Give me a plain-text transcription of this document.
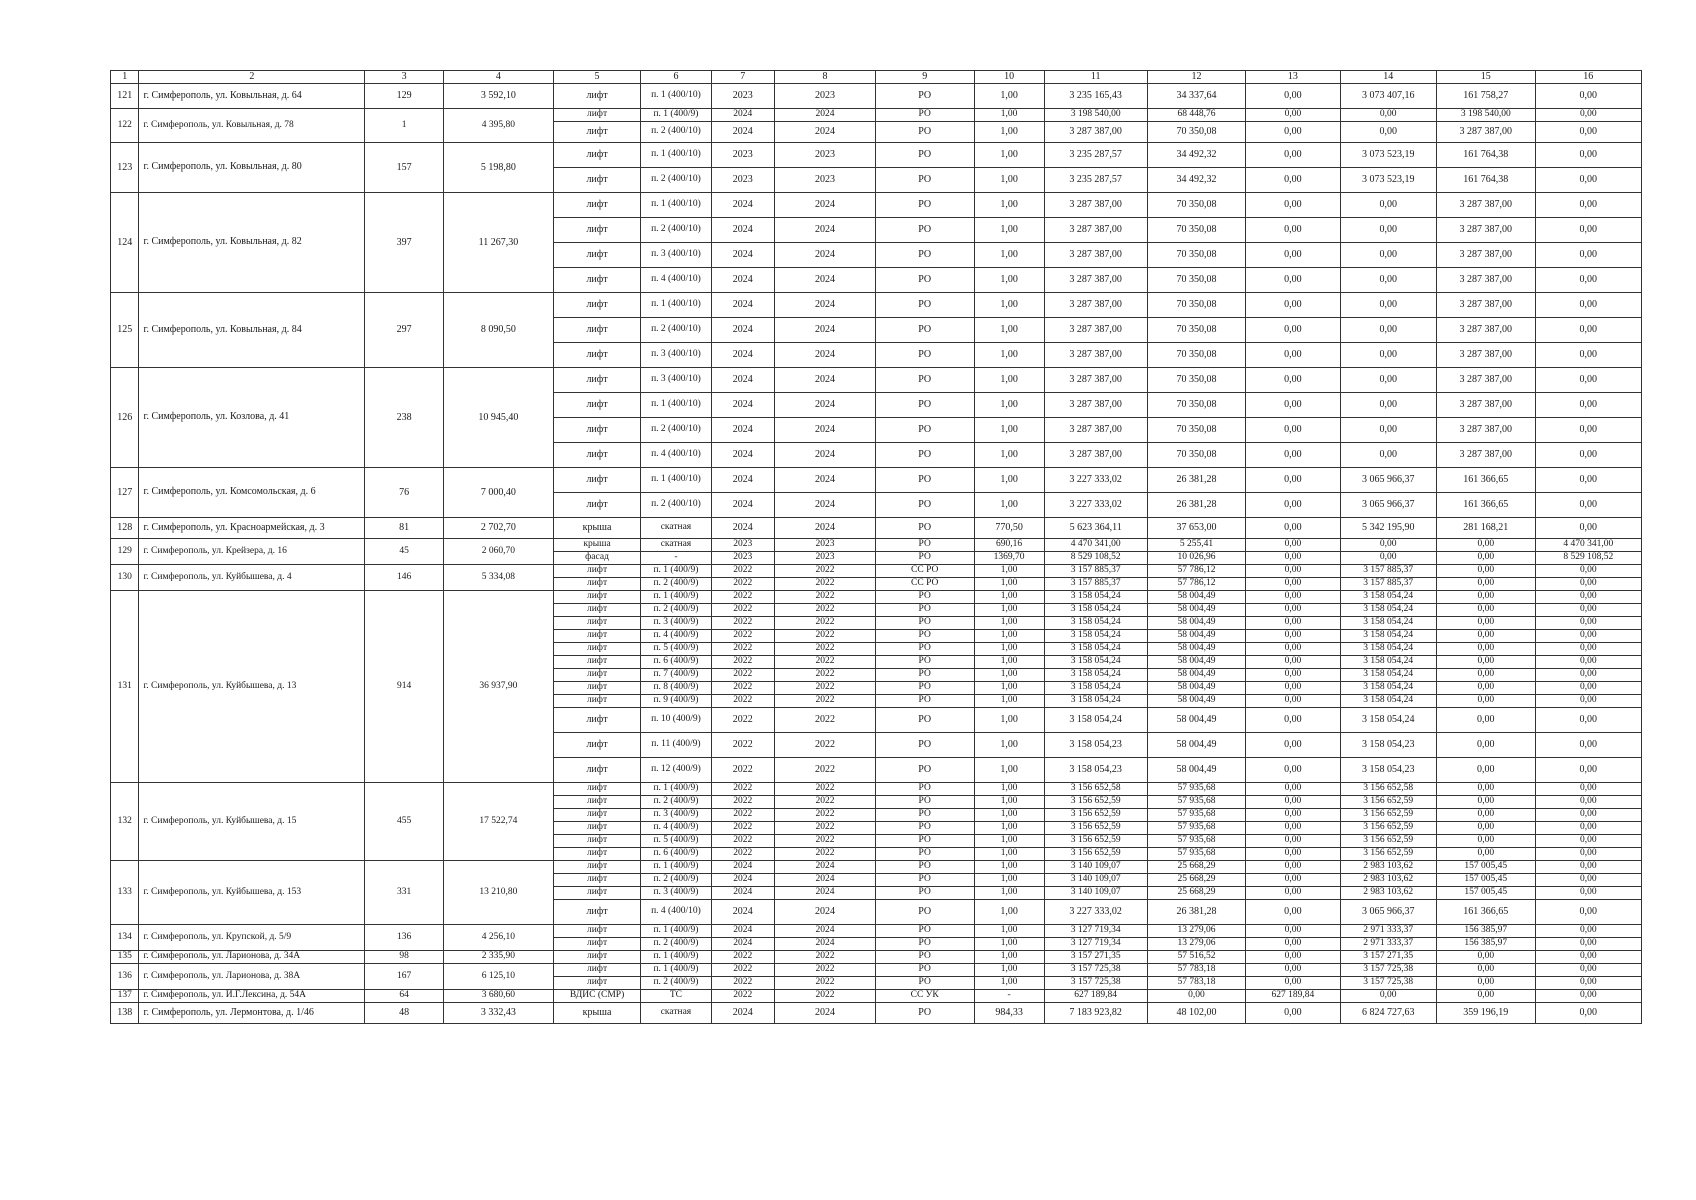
1	2	3	4	5	6	7	8	9	10	11	12	13	14	15	16
121	г. Симферополь, ул. Ковыльная, д. 64	129	3 592,10	лифт	п. 1 (400/10)	2023	2023	РО	1,00	3 235 165,43	34 337,64	0,00	3 073 407,16	161 758,27	0,00
122	г. Симферополь, ул. Ковыльная, д. 78	1	4 395,80	лифт	п. 1 (400/9)	2024	2024	РО	1,00	3 198 540,00	68 448,76	0,00	0,00	3 198 540,00	0,00
				лифт	п. 2 (400/10)	2024	2024	РО	1,00	3 287 387,00	70 350,08	0,00	0,00	3 287 387,00	0,00
123	г. Симферополь, ул. Ковыльная, д. 80	157	5 198,80	лифт	п. 1 (400/10)	2023	2023	РО	1,00	3 235 287,57	34 492,32	0,00	3 073 523,19	161 764,38	0,00
				лифт	п. 2 (400/10)	2023	2023	РО	1,00	3 235 287,57	34 492,32	0,00	3 073 523,19	161 764,38	0,00
124	г. Симферополь, ул. Ковыльная, д. 82	397	11 267,30	лифт	п. 1 (400/10)	2024	2024	РО	1,00	3 287 387,00	70 350,08	0,00	0,00	3 287 387,00	0,00
				лифт	п. 2 (400/10)	2024	2024	РО	1,00	3 287 387,00	70 350,08	0,00	0,00	3 287 387,00	0,00
				лифт	п. 3 (400/10)	2024	2024	РО	1,00	3 287 387,00	70 350,08	0,00	0,00	3 287 387,00	0,00
				лифт	п. 4 (400/10)	2024	2024	РО	1,00	3 287 387,00	70 350,08	0,00	0,00	3 287 387,00	0,00
125	г. Симферополь, ул. Ковыльная, д. 84	297	8 090,50	лифт	п. 1 (400/10)	2024	2024	РО	1,00	3 287 387,00	70 350,08	0,00	0,00	3 287 387,00	0,00
				лифт	п. 2 (400/10)	2024	2024	РО	1,00	3 287 387,00	70 350,08	0,00	0,00	3 287 387,00	0,00
				лифт	п. 3 (400/10)	2024	2024	РО	1,00	3 287 387,00	70 350,08	0,00	0,00	3 287 387,00	0,00
126	г. Симферополь, ул. Козлова, д. 41	238	10 945,40	лифт	п. 3 (400/10)	2024	2024	РО	1,00	3 287 387,00	70 350,08	0,00	0,00	3 287 387,00	0,00
				лифт	п. 1 (400/10)	2024	2024	РО	1,00	3 287 387,00	70 350,08	0,00	0,00	3 287 387,00	0,00
				лифт	п. 2 (400/10)	2024	2024	РО	1,00	3 287 387,00	70 350,08	0,00	0,00	3 287 387,00	0,00
				лифт	п. 4 (400/10)	2024	2024	РО	1,00	3 287 387,00	70 350,08	0,00	0,00	3 287 387,00	0,00
127	г. Симферополь, ул. Комсомольская, д. 6	76	7 000,40	лифт	п. 1 (400/10)	2024	2024	РО	1,00	3 227 333,02	26 381,28	0,00	3 065 966,37	161 366,65	0,00
				лифт	п. 2 (400/10)	2024	2024	РО	1,00	3 227 333,02	26 381,28	0,00	3 065 966,37	161 366,65	0,00
128	г. Симферополь, ул. Красноармейская, д. 3	81	2 702,70	крыша	скатная	2024	2024	РО	770,50	5 623 364,11	37 653,00	0,00	5 342 195,90	281 168,21	0,00
129	г. Симферополь, ул. Крейзера, д. 16	45	2 060,70	крыша	скатная	2023	2023	РО	690,16	4 470 341,00	5 255,41	0,00	0,00	0,00	4 470 341,00
				фасад	-	2023	2023	РО	1369,70	8 529 108,52	10 026,96	0,00	0,00	0,00	8 529 108,52
130	г. Симферополь, ул. Куйбышева, д. 4	146	5 334,08	лифт	п. 1 (400/9)	2022	2022	СС РО	1,00	3 157 885,37	57 786,12	0,00	3 157 885,37	0,00	0,00
				лифт	п. 2 (400/9)	2022	2022	СС РО	1,00	3 157 885,37	57 786,12	0,00	3 157 885,37	0,00	0,00
131	г. Симферополь, ул. Куйбышева, д. 13	914	36 937,90	лифт	п. 1 (400/9)	2022	2022	РО	1,00	3 158 054,24	58 004,49	0,00	3 158 054,24	0,00	0,00
				лифт	п. 2 (400/9)	2022	2022	РО	1,00	3 158 054,24	58 004,49	0,00	3 158 054,24	0,00	0,00
				лифт	п. 3 (400/9)	2022	2022	РО	1,00	3 158 054,24	58 004,49	0,00	3 158 054,24	0,00	0,00
				лифт	п. 4 (400/9)	2022	2022	РО	1,00	3 158 054,24	58 004,49	0,00	3 158 054,24	0,00	0,00
				лифт	п. 5 (400/9)	2022	2022	РО	1,00	3 158 054,24	58 004,49	0,00	3 158 054,24	0,00	0,00
				лифт	п. 6 (400/9)	2022	2022	РО	1,00	3 158 054,24	58 004,49	0,00	3 158 054,24	0,00	0,00
				лифт	п. 7 (400/9)	2022	2022	РО	1,00	3 158 054,24	58 004,49	0,00	3 158 054,24	0,00	0,00
				лифт	п. 8 (400/9)	2022	2022	РО	1,00	3 158 054,24	58 004,49	0,00	3 158 054,24	0,00	0,00
				лифт	п. 9 (400/9)	2022	2022	РО	1,00	3 158 054,24	58 004,49	0,00	3 158 054,24	0,00	0,00
				лифт	п. 10 (400/9)	2022	2022	РО	1,00	3 158 054,24	58 004,49	0,00	3 158 054,24	0,00	0,00
				лифт	п. 11 (400/9)	2022	2022	РО	1,00	3 158 054,23	58 004,49	0,00	3 158 054,23	0,00	0,00
				лифт	п. 12 (400/9)	2022	2022	РО	1,00	3 158 054,23	58 004,49	0,00	3 158 054,23	0,00	0,00
132	г. Симферополь, ул. Куйбышева, д. 15	455	17 522,74	лифт	п. 1 (400/9)	2022	2022	РО	1,00	3 156 652,58	57 935,68	0,00	3 156 652,58	0,00	0,00
				лифт	п. 2 (400/9)	2022	2022	РО	1,00	3 156 652,59	57 935,68	0,00	3 156 652,59	0,00	0,00
				лифт	п. 3 (400/9)	2022	2022	РО	1,00	3 156 652,59	57 935,68	0,00	3 156 652,59	0,00	0,00
				лифт	п. 4 (400/9)	2022	2022	РО	1,00	3 156 652,59	57 935,68	0,00	3 156 652,59	0,00	0,00
				лифт	п. 5 (400/9)	2022	2022	РО	1,00	3 156 652,59	57 935,68	0,00	3 156 652,59	0,00	0,00
				лифт	п. 6 (400/9)	2022	2022	РО	1,00	3 156 652,59	57 935,68	0,00	3 156 652,59	0,00	0,00
133	г. Симферополь, ул. Куйбышева, д. 153	331	13 210,80	лифт	п. 1 (400/9)	2024	2024	РО	1,00	3 140 109,07	25 668,29	0,00	2 983 103,62	157 005,45	0,00
				лифт	п. 2 (400/9)	2024	2024	РО	1,00	3 140 109,07	25 668,29	0,00	2 983 103,62	157 005,45	0,00
				лифт	п. 3 (400/9)	2024	2024	РО	1,00	3 140 109,07	25 668,29	0,00	2 983 103,62	157 005,45	0,00
				лифт	п. 4 (400/10)	2024	2024	РО	1,00	3 227 333,02	26 381,28	0,00	3 065 966,37	161 366,65	0,00
134	г. Симферополь, ул. Крупской, д. 5/9	136	4 256,10	лифт	п. 1 (400/9)	2024	2024	РО	1,00	3 127 719,34	13 279,06	0,00	2 971 333,37	156 385,97	0,00
				лифт	п. 2 (400/9)	2024	2024	РО	1,00	3 127 719,34	13 279,06	0,00	2 971 333,37	156 385,97	0,00
135	г. Симферополь, ул. Ларионова, д. 34А	98	2 335,90	лифт	п. 1 (400/9)	2022	2022	РО	1,00	3 157 271,35	57 516,52	0,00	3 157 271,35	0,00	0,00
136	г. Симферополь, ул. Ларионова, д. 38А	167	6 125,10	лифт	п. 1 (400/9)	2022	2022	РО	1,00	3 157 725,38	57 783,18	0,00	3 157 725,38	0,00	0,00
				лифт	п. 2 (400/9)	2022	2022	РО	1,00	3 157 725,38	57 783,18	0,00	3 157 725,38	0,00	0,00
137	г. Симферополь, ул. И.Г.Лексина, д. 54А	64	3 680,60	ВДИС (СМР)	ТС	2022	2022	СС УК	-	627 189,84	0,00	627 189,84	0,00	0,00	0,00
138	г. Симферополь, ул. Лермонтова, д. 1/46	48	3 332,43	крыша	скатная	2024	2024	РО	984,33	7 183 923,82	48 102,00	0,00	6 824 727,63	359 196,19	0,00
